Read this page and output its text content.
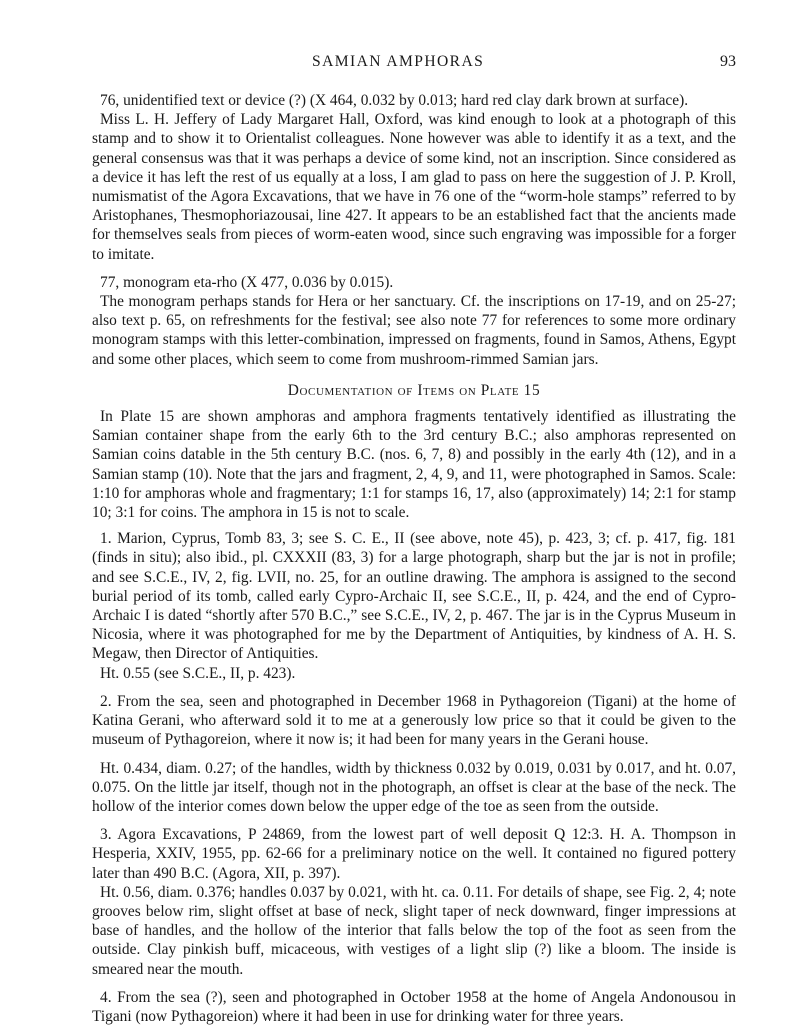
SAMIAN AMPHORAS	93

76, unidentified text or device (?) (X 464, 0.032 by 0.013; hard red clay dark brown at surface).

Miss L. H. Jeffery of Lady Margaret Hall, Oxford, was kind enough to look at a photograph of this stamp and to show it to Orientalist colleagues. None however was able to identify it as a text, and the general consensus was that it was perhaps a device of some kind, not an inscription. Since considered as a device it has left the rest of us equally at a loss, I am glad to pass on here the suggestion of J. P. Kroll, numismatist of the Agora Excavations, that we have in 76 one of the “worm-hole stamps” referred to by Aristophanes, Thesmophoriazousai, line 427. It appears to be an established fact that the ancients made for themselves seals from pieces of worm-eaten wood, since such engraving was impossible for a forger to imitate.

77, monogram eta-rho (X 477, 0.036 by 0.015).

The monogram perhaps stands for Hera or her sanctuary. Cf. the inscriptions on 17-19, and on 25-27; also text p. 65, on refreshments for the festival; see also note 77 for references to some more ordinary monogram stamps with this letter-combination, impressed on fragments, found in Samos, Athens, Egypt and some other places, which seem to come from mushroom-rimmed Samian jars.

Documentation of Items on Plate 15

In Plate 15 are shown amphoras and amphora fragments tentatively identified as illustrating the Samian container shape from the early 6th to the 3rd century B.C.; also amphoras represented on Samian coins datable in the 5th century B.C. (nos. 6, 7, 8) and possibly in the early 4th (12), and in a Samian stamp (10). Note that the jars and fragment, 2, 4, 9, and 11, were photographed in Samos. Scale: 1:10 for amphoras whole and fragmentary; 1:1 for stamps 16, 17, also (approximately) 14; 2:1 for stamp 10; 3:1 for coins. The amphora in 15 is not to scale.

1. Marion, Cyprus, Tomb 83, 3; see S. C. E., II (see above, note 45), p. 423, 3; cf. p. 417, fig. 181 (finds in situ); also ibid., pl. CXXXII (83, 3) for a large photograph, sharp but the jar is not in profile; and see S.C.E., IV, 2, fig. LVII, no. 25, for an outline drawing. The amphora is assigned to the second burial period of its tomb, called early Cypro-Archaic II, see S.C.E., II, p. 424, and the end of Cypro-Archaic I is dated “shortly after 570 B.C.,” see S.C.E., IV, 2, p. 467. The jar is in the Cyprus Museum in Nicosia, where it was photographed for me by the Department of Antiquities, by kindness of A. H. S. Megaw, then Director of Antiquities.

Ht. 0.55 (see S.C.E., II, p. 423).

2. From the sea, seen and photographed in December 1968 in Pythagoreion (Tigani) at the home of Katina Gerani, who afterward sold it to me at a generously low price so that it could be given to the museum of Pythagoreion, where it now is; it had been for many years in the Gerani house.

Ht. 0.434, diam. 0.27; of the handles, width by thickness 0.032 by 0.019, 0.031 by 0.017, and ht. 0.07, 0.075. On the little jar itself, though not in the photograph, an offset is clear at the base of the neck. The hollow of the interior comes down below the upper edge of the toe as seen from the outside.

3. Agora Excavations, P 24869, from the lowest part of well deposit Q 12:3. H. A. Thompson in Hesperia, XXIV, 1955, pp. 62-66 for a preliminary notice on the well. It contained no figured pottery later than 490 B.C. (Agora, XII, p. 397).

Ht. 0.56, diam. 0.376; handles 0.037 by 0.021, with ht. ca. 0.11. For details of shape, see Fig. 2, 4; note grooves below rim, slight offset at base of neck, slight taper of neck downward, finger impressions at base of handles, and the hollow of the interior that falls below the top of the foot as seen from the outside. Clay pinkish buff, micaceous, with vestiges of a light slip (?) like a bloom. The inside is smeared near the mouth.

4. From the sea (?), seen and photographed in October 1958 at the home of Angela Andonousou in Tigani (now Pythagoreion) where it had been in use for drinking water for three years.
